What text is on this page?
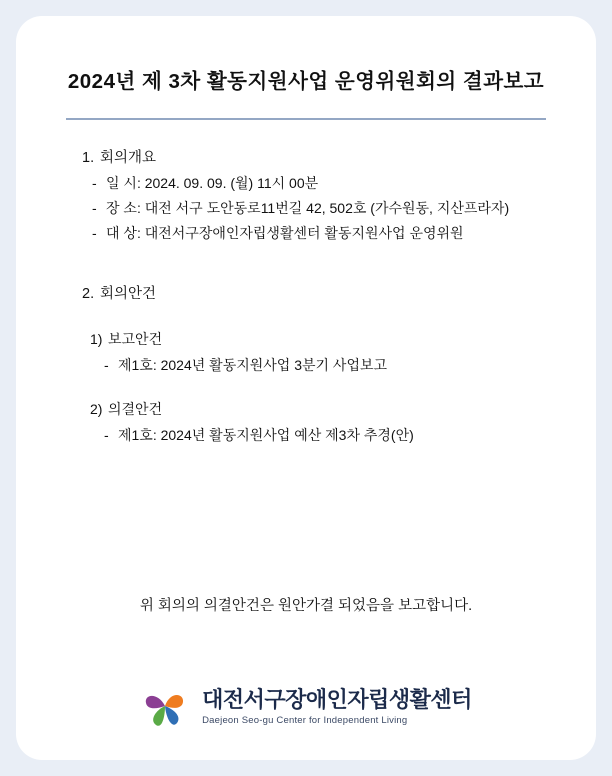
2024년 제 3차 활동지원사업 운영위원회의 결과보고
1. 회의개요
- 일 시: 2024. 09. 09. (월) 11시 00분
- 장 소: 대전 서구 도안동로11번길 42, 502호 (가수원동, 지산프라자)
- 대 상: 대전서구장애인자립생활센터 활동지원사업 운영위원
2. 회의안건
1) 보고안건
- 제1호: 2024년 활동지원사업 3분기 사업보고
2) 의결안건
- 제1호: 2024년 활동지원사업 예산 제3차 추경(안)
위 회의의 의결안건은 원안가결 되었음을 보고합니다.
대전서구장애인자립생활센터
Daejeon Seo-gu Center for Independent Living
